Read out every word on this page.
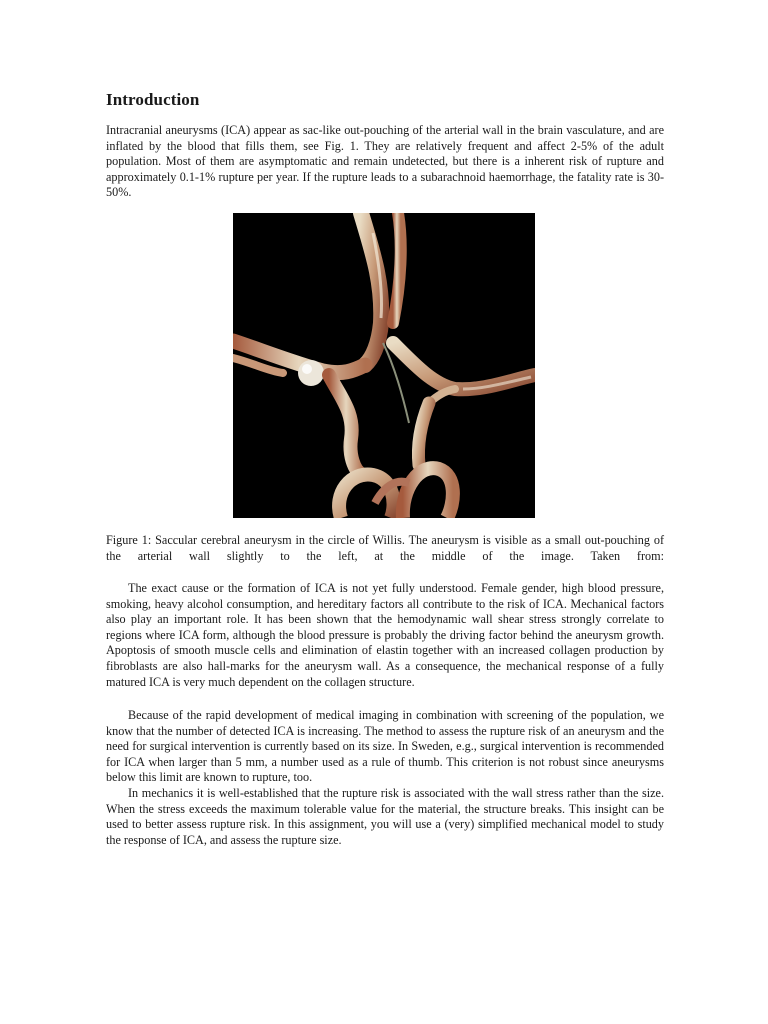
Introduction

Intracranial aneurysms (ICA) appear as sac-like out-pouching of the arterial wall in the brain vasculature, and are inflated by the blood that fills them, see Fig. 1. They are relatively frequent and affect 2-5% of the adult population. Most of them are asymptomatic and remain undetected, but there is a inherent risk of rupture and approximately 0.1-1% rupture per year. If the rupture leads to a subarachnoid haemorrhage, the fatality rate is 30-50%.

Figure 1: Saccular cerebral aneurysm in the circle of Willis. The aneurysm is visible as a small out-pouching of the arterial wall slightly to the left, at the middle of the image. Taken from:

The exact cause or the formation of ICA is not yet fully understood. Female gender, high blood pressure, smoking, heavy alcohol consumption, and hereditary factors all contribute to the risk of ICA. Mechanical factors also play an important role. It has been shown that the hemodynamic wall shear stress strongly correlate to regions where ICA form, although the blood pressure is probably the driving factor behind the aneurysm growth. Apoptosis of smooth muscle cells and elimination of elastin together with an increased collagen production by fibroblasts are also hall-marks for the aneurysm wall. As a consequence, the mechanical response of a fully matured ICA is very much dependent on the collagen structure.

Because of the rapid development of medical imaging in combination with screening of the population, we know that the number of detected ICA is increasing. The method to assess the rupture risk of an aneurysm and the need for surgical intervention is currently based on its size. In Sweden, e.g., surgical intervention is recommended for ICA when larger than 5 mm, a number used as a rule of thumb. This criterion is not robust since aneurysms below this limit are known to rupture, too.

In mechanics it is well-established that the rupture risk is associated with the wall stress rather than the size. When the stress exceeds the maximum tolerable value for the material, the structure breaks. This insight can be used to better assess rupture risk. In this assignment, you will use a (very) simplified mechanical model to study the response of ICA, and assess the rupture size.
